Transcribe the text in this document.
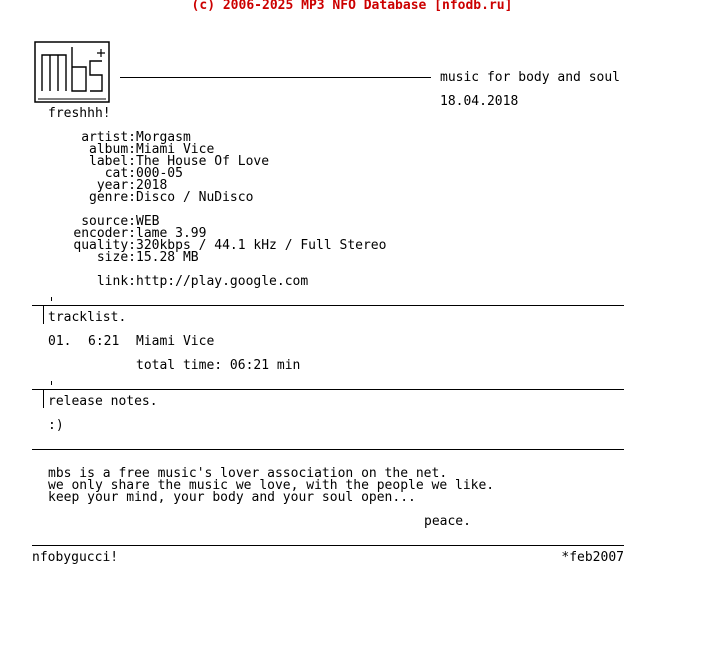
(c) 2006-2025 MP3 NFO Database [nfodb.ru]
music for body and soul
18.04.2018
freshhh!
artist: Morgasm
album: Miami Vice
label: The House Of Love
cat: 000-05
year: 2018
genre: Disco / NuDisco
source: WEB
encoder: lame 3.99
quality: 320kbps / 44.1 kHz / Full Stereo
size: 15.28 MB
link: http://play.google.com
tracklist.
01. 6:21 Miami Vice
total time: 06:21 min
release notes.
:)
mbs is a free music's lover association on the net.
we only share the music we love, with the people we like.
keep your mind, your body and your soul open...
peace.
nfobygucci!	*feb2007
